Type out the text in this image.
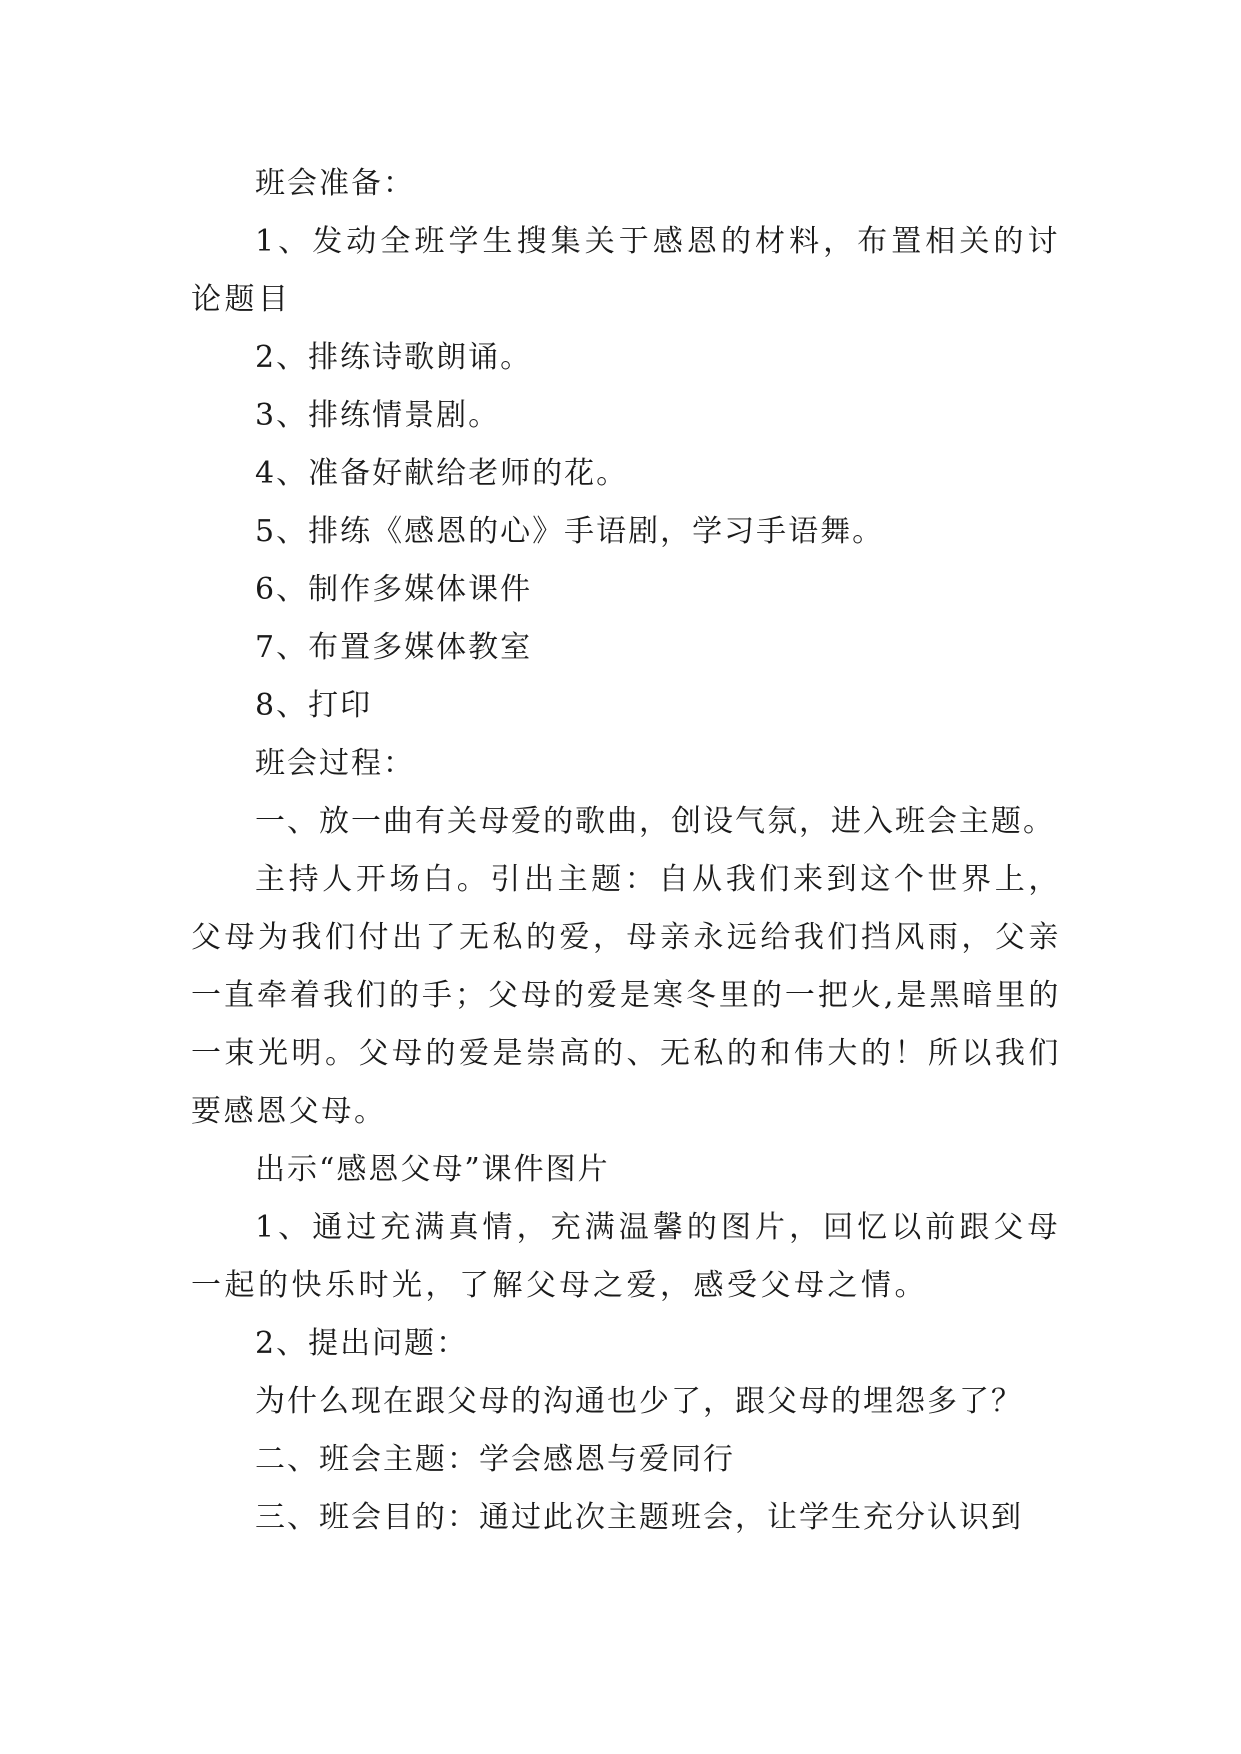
班会准备：

1、发动全班学生搜集关于感恩的材料，布置相关的讨论题目

2、排练诗歌朗诵。

3、排练情景剧。

4、准备好献给老师的花。

5、排练《感恩的心》手语剧，学习手语舞。

6、制作多媒体课件

7、布置多媒体教室

8、打印

班会过程：

一、放一曲有关母爱的歌曲，创设气氛，进入班会主题。

主持人开场白。引出主题：自从我们来到这个世界上，父母为我们付出了无私的爱，母亲永远给我们挡风雨，父亲一直牵着我们的手；父母的爱是寒冬里的一把火,是黑暗里的一束光明。父母的爱是崇高的、无私的和伟大的！所以我们要感恩父母。

出示“感恩父母”课件图片

1、通过充满真情，充满温馨的图片，回忆以前跟父母一起的快乐时光，了解父母之爱，感受父母之情。

2、提出问题：

为什么现在跟父母的沟通也少了，跟父母的埋怨多了？

二、班会主题：学会感恩与爱同行

三、班会目的：通过此次主题班会，让学生充分认识到
